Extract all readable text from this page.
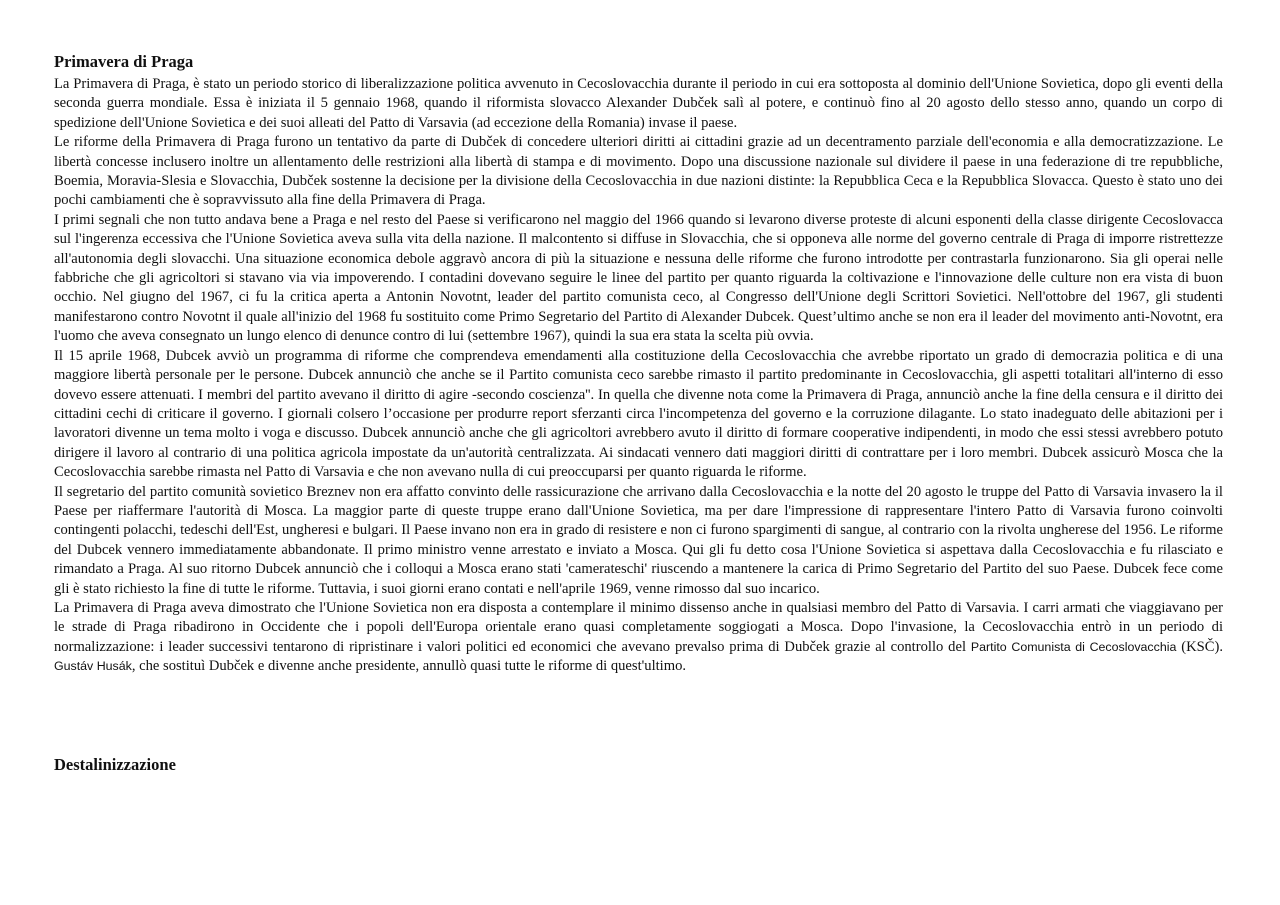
Primavera di Praga

La Primavera di Praga, è stato un periodo storico di liberalizzazione politica avvenuto in Cecoslovacchia durante il periodo in cui era sottoposta al dominio dell'Unione Sovietica, dopo gli eventi della seconda guerra mondiale. Essa è iniziata il 5 gennaio 1968, quando il riformista slovacco Alexander Dubček salì al potere, e continuò fino al 20 agosto dello stesso anno, quando un corpo di spedizione dell'Unione Sovietica e dei suoi alleati del Patto di Varsavia (ad eccezione della Romania) invase il paese.

Le riforme della Primavera di Praga furono un tentativo da parte di Dubček di concedere ulteriori diritti ai cittadini grazie ad un decentramento parziale dell'economia e alla democratizzazione. Le libertà concesse inclusero inoltre un allentamento delle restrizioni alla libertà di stampa e di movimento. Dopo una discussione nazionale sul dividere il paese in una federazione di tre repubbliche, Boemia, Moravia-Slesia e Slovacchia, Dubček sostenne la decisione per la divisione della Cecoslovacchia in due nazioni distinte: la Repubblica Ceca e la Repubblica Slovacca. Questo è stato uno dei pochi cambiamenti che è sopravvissuto alla fine della Primavera di Praga.

I primi segnali che non tutto andava bene a Praga e nel resto del Paese si verificarono nel maggio del 1966 quando si levarono diverse proteste di alcuni esponenti della classe dirigente Cecoslovacca sul l'ingerenza eccessiva che l'Unione Sovietica aveva sulla vita della nazione. Il malcontento si diffuse in Slovacchia, che si opponeva alle norme del governo centrale di Praga di imporre ristrettezze all'autonomia degli slovacchi. Una situazione economica debole aggravò ancora di più la situazione e nessuna delle riforme che furono introdotte per contrastarla funzionarono. Sia gli operai nelle fabbriche che gli agricoltori si stavano via via impoverendo. I contadini dovevano seguire le linee del partito per quanto riguarda la coltivazione e l'innovazione delle culture non era vista di buon occhio. Nel giugno del 1967, ci fu la critica aperta a Antonin Novotnt, leader del partito comunista ceco, al Congresso dell'Unione degli Scrittori Sovietici. Nell'ottobre del 1967, gli studenti manifestarono contro Novotnt il quale all'inizio del 1968 fu sostituito come Primo Segretario del Partito di Alexander Dubcek. Quest’ultimo anche se non era il leader del movimento anti-Novotnt, era l'uomo che aveva consegnato un lungo elenco di denunce contro di lui (settembre 1967), quindi la sua era stata la scelta più ovvia.

Il 15 aprile 1968, Dubcek avviò un programma di riforme che comprendeva emendamenti alla costituzione della Cecoslovacchia che avrebbe riportato un grado di democrazia politica e di una maggiore libertà personale per le persone. Dubcek annunciò che anche se il Partito comunista ceco sarebbe rimasto il partito predominante in Cecoslovacchia, gli aspetti totalitari all'interno di esso dovevo essere attenuati. I membri del partito avevano il diritto di agire -secondo coscienza''. In quella che divenne nota come la Primavera di Praga, annunciò anche la fine della censura e il diritto dei cittadini cechi di criticare il governo. I giornali colsero l’occasione per produrre report sferzanti circa l'incompetenza del governo e la corruzione dilagante. Lo stato inadeguato delle abitazioni per i lavoratori divenne un tema molto i voga e discusso. Dubcek annunciò anche che gli agricoltori avrebbero avuto il diritto di formare cooperative indipendenti, in modo che essi stessi avrebbero potuto dirigere il lavoro al contrario di una politica agricola impostate da un'autorità centralizzata. Ai sindacati vennero dati maggiori diritti di contrattare per i loro membri. Dubcek assicurò Mosca che la Cecoslovacchia sarebbe rimasta nel Patto di Varsavia e che non avevano nulla di cui preoccuparsi per quanto riguarda le riforme.

Il segretario del partito comunità sovietico Breznev non era affatto convinto delle rassicurazione che arrivano dalla Cecoslovacchia e la notte del 20 agosto le truppe del Patto di Varsavia invasero la il Paese per riaffermare l'autorità di Mosca. La maggior parte di queste truppe erano dall'Unione Sovietica, ma per dare l'impressione di rappresentare l'intero Patto di Varsavia furono coinvolti contingenti polacchi, tedeschi dell'Est, ungheresi e bulgari. Il Paese invano non era in grado di resistere e non ci furono spargimenti di sangue, al contrario con la rivolta ungherese del 1956. Le riforme del Dubcek vennero immediatamente abbandonate. Il primo ministro venne arrestato e inviato a Mosca. Qui gli fu detto cosa l'Unione Sovietica si aspettava dalla Cecoslovacchia e fu rilasciato e rimandato a Praga. Al suo ritorno Dubcek annunciò che i colloqui a Mosca erano stati 'camerateschi' riuscendo a mantenere la carica di Primo Segretario del Partito del suo Paese. Dubcek fece come gli è stato richiesto la fine di tutte le riforme. Tuttavia, i suoi giorni erano contati e nell'aprile 1969, venne rimosso dal suo incarico.

La Primavera di Praga aveva dimostrato che l'Unione Sovietica non era disposta a contemplare il minimo dissenso anche in qualsiasi membro del Patto di Varsavia. I carri armati che viaggiavano per le strade di Praga ribadirono in Occidente che i popoli dell'Europa orientale erano quasi completamente soggiogati a Mosca. Dopo l'invasione, la Cecoslovacchia entrò in un periodo di normalizzazione: i leader successivi tentarono di ripristinare i valori politici ed economici che avevano prevalso prima di Dubček grazie al controllo del Partito Comunista di Cecoslovacchia (KSČ). Gustáv Husák, che sostituì Dubček e divenne anche presidente, annullò quasi tutte le riforme di quest'ultimo.

Destalinizzazione
